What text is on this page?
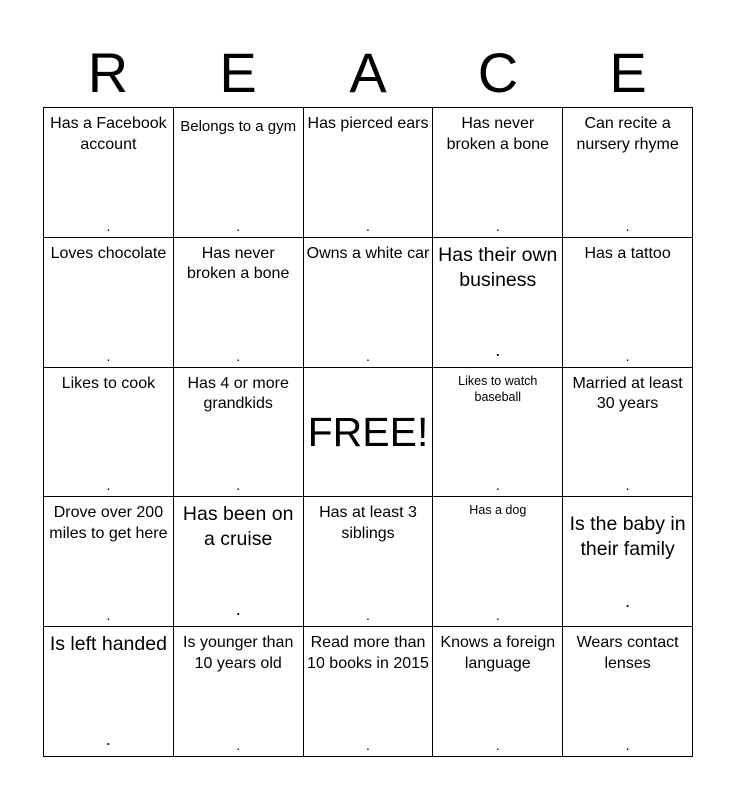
R	E	A	C	E
Has a Facebook account
.
Belongs to a gym
.
Has pierced ears
.
Has never broken a bone
.
Can recite a nursery rhyme
.
Loves chocolate
.
Has never broken a bone
.
Owns a white car
.
Has their own business
.
Has a tattoo
.
Likes to cook
.
Has 4 or more grandkids
.
FREE!
Likes to watch baseball
.
Married at least 30 years
.
Drove over 200 miles to get here
.
Has been on a cruise
.
Has at least 3 siblings
.
Has a dog
.
Is the baby in their family
.
Is left handed
.
Is younger than 10 years old
.
Read more than 10 books in 2015
.
Knows a foreign language
.
Wears contact lenses
.
